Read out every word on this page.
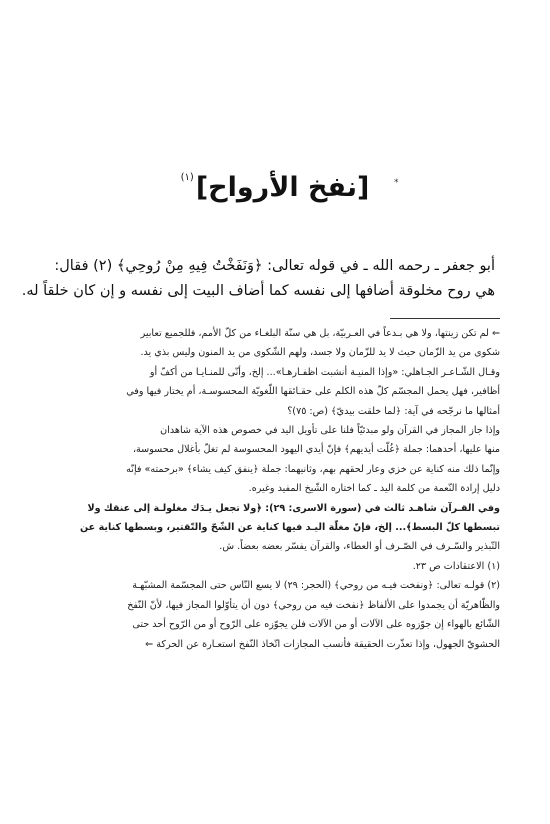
*
[نفخ الأرواح]$^{(١)}$
أبو جعفر ـ رحمه الله ـ في قوله تعالى: ﴿وَنَفَخْتُ فِيهِ مِنْ رُوحِي﴾ (٢) فقال:
هي روح مخلوقة أضافها إلى نفسه كما أضاف البيت إلى نفسه و إن كان خلقاً له.
⇐ لم تكن زينتها، ولا هي بـدعاً في العـربيّة، بل هي سنّة البلغـاء من كلّ الأمم، فللجميع تعابير
شكوى من يد الزّمان حيث لا يد للزّمان ولا جسد، ولهم الشّكوى من يد المنون وليس بذي يد.
وقـال الشّـاعـر الجـاهلي: «وإذا المنيـة أنشبت اظفـارهـا»... إلخ، وأنّى للمنـايـا من أكفّ أو
أظافير، فهل يحمل المجسّم كلّ هذه الكلم على حقـائقها اللّغويّة المحسوسـة، أم يختار فيها وفي
أمثالها ما نرجّحه في آية: ﴿لما خلقت بيديّ﴾ (ص: ٧٥)؟
وإذا جاز المجاز في القرآن ولو مبدئيّاً فلنا على تأويل اليد في خصوص هذه الآية شاهدان
منها عليها، أحدهما: جملة ﴿غُلّت أيديهم﴾ فإنّ أيدي اليهود المحسوسة لم تغلّ بأغلال محسوسة،
وإنّما ذلك منه كناية عن خزي وعار لحقهم بهم، وثانيهما: جملة ﴿ينفق كيف يشاء﴾ «برحمته» فإنّه
دليل إرادة النّعمة من كلمة اليد ـ كما اختاره الشّيخ المفيد وغيره.
وفي القـرآن شاهـد ثالث في (سورة الاسرى: ٢٩): ﴿ولا تجعل يـدَك مغلولـة إلى عنقك ولا
تبسطها كلّ البسط﴾... إلخ، فإنّ مغلّة اليـد فيها كناية عن الشّحّ والتّقتير، وبسطها كناية عن
التّبذير والسّـرف في الصّـرف أو العطاء، والقرآن يفسّر بعضه بعضاً. ش.
(١) الاعتقادات ص ٢٣.
(٢) قولـه تعالى: ﴿ونفخت فيـه من روحي﴾ (الحجر: ٢٩) لا يسع النّاس حتى المجسّمة المشبّهـة
والظّاهريّة أن يجمدوا على الألفاظ ﴿نفخت فيه من روحي﴾ دون أن يتأوّلوا المجاز فيها، لأنّ النّفخ
الشّائع بالهواء إن جوّزوه على الآلات أو من الآلات فلن يجوّزه على الرّوح أو من الرّوح أحد حتى
الحشويّ الجهول، وإذا تعذّرت الحقيقة فأنسب المجازات اتّخاذ النّفخ استعـارة عن الحركة ⇐
